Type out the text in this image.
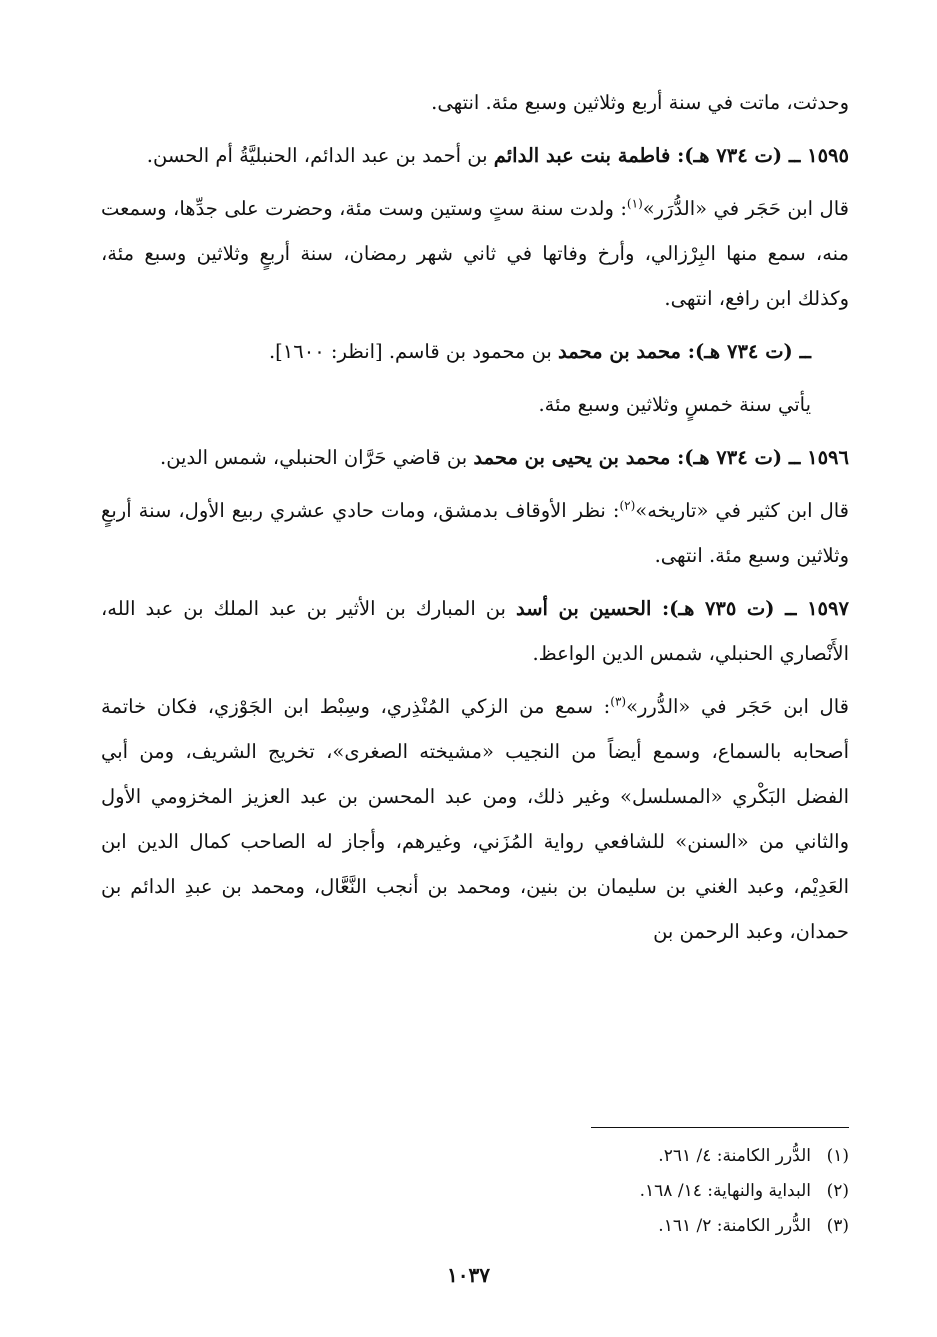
وحدثت، ماتت في سنة أربع وثلاثين وسبع مئة. انتهى.

١٥٩٥ ــ (ت ٧٣٤ هـ): فاطمة بنت عبد الدائم بن أحمد بن عبد الدائم، الحنبليَّةُ أم الحسن.

قال ابن حَجَر في «الدُّرَر»$^{(١)}$: ولدت سنة ستٍ وستين وست مئة، وحضرت على جدِّها، وسمعت منه، سمع منها البِرْزالي، وأرخ وفاتها في ثاني شهر رمضان، سنة أربعٍ وثلاثين وسبع مئة، وكذلك ابن رافع، انتهى.

ــ (ت ٧٣٤ هـ): محمد بن محمد بن محمود بن قاسم. [انظر: ١٦٠٠].

يأتي سنة خمسٍ وثلاثين وسبع مئة.

١٥٩٦ ــ (ت ٧٣٤ هـ): محمد بن يحيى بن محمد بن قاضي حَرَّان الحنبلي، شمس الدين.

قال ابن كثير في «تاريخه»$^{(٢)}$: نظر الأوقاف بدمشق، ومات حادي عشري ربيع الأول، سنة أربعٍ وثلاثين وسبع مئة. انتهى.

١٥٩٧ ــ (ت ٧٣٥ هـ): الحسين بن أسد بن المبارك بن الأثير بن عبد الملك بن عبد الله، الأَنْصاري الحنبلي، شمس الدين الواعظ.

قال ابن حَجَر في «الدُّرر»$^{(٣)}$: سمع من الزكي المُنْذِري، وسِبْط ابن الجَوْزي، فكان خاتمة أصحابه بالسماع، وسمع أيضاً من النجيب «مشيخته الصغرى»، تخريج الشريف، ومن أبي الفضل البَكْري «المسلسل» وغير ذلك، ومن عبد المحسن بن عبد العزيز المخزومي الأول والثاني من «السنن» للشافعي رواية المُزَني، وغيرهم، وأجاز له الصاحب كمال الدين ابن العَدِيْم، وعبد الغني بن سليمان بن بنين، ومحمد بن أنجب النَّعَّال، ومحمد بن عبدِ الدائم بن حمدان، وعبد الرحمن بن

(١)الدُّرر الكامنة: ٤/ ٢٦١.
(٢)البداية والنهاية: ١٤/ ١٦٨.
(٣)الدُّرر الكامنة: ٢/ ١٦١.
١٠٣٧
